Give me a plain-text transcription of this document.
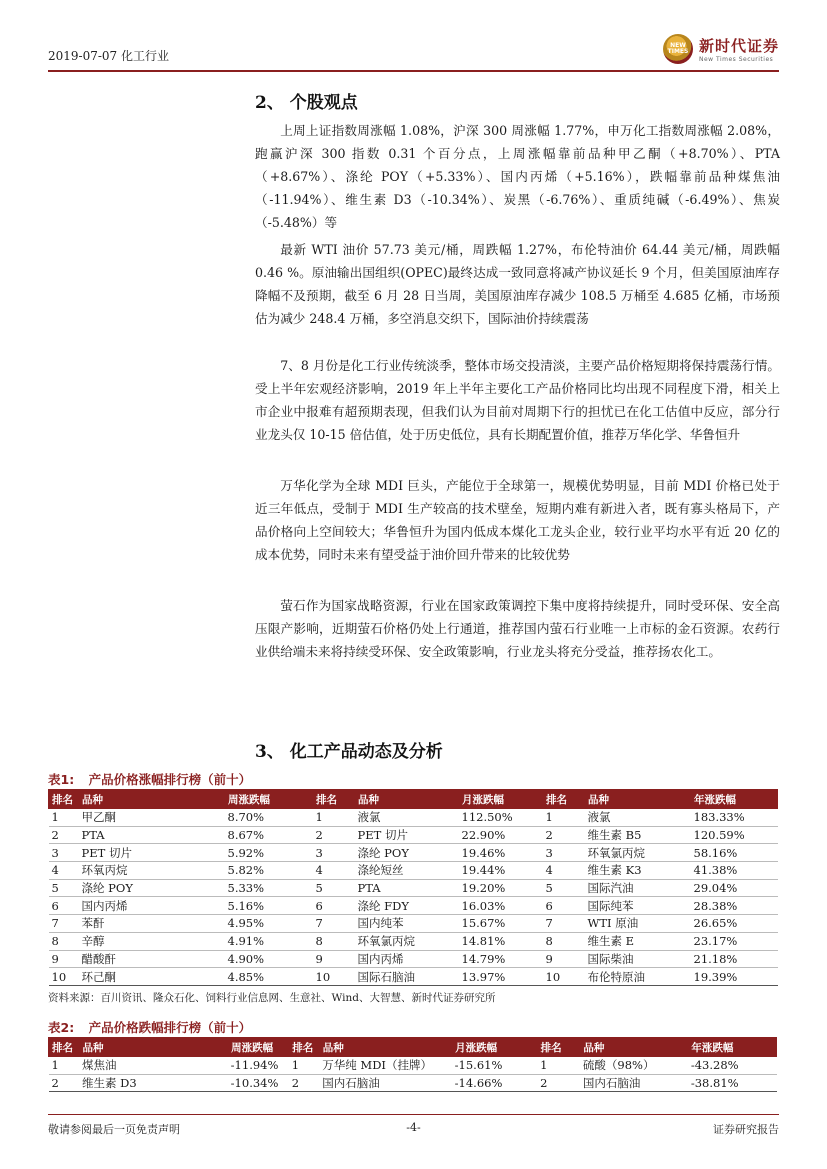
2019-07-07 化工行业
NEW TIMES 新时代证券
New Times Securities
2、 个股观点

上周上证指数周涨幅 1.08%，沪深 300 周涨幅 1.77%，申万化工指数周涨幅 2.08%，跑赢沪深 300 指数 0.31 个百分点，上周涨幅靠前品种甲乙酮（+8.70%）、PTA（+8.67%）、涤纶 POY（+5.33%）、国内丙烯（+5.16%），跌幅靠前品种煤焦油（-11.94%）、维生素 D3（-10.34%）、炭黑（-6.76%）、重质纯碱（-6.49%）、焦炭（-5.48%）等

最新 WTI 油价 57.73 美元/桶，周跌幅 1.27%，布伦特油价 64.44 美元/桶，周跌幅 0.46 %。原油输出国组织(OPEC)最终达成一致同意将减产协议延长 9 个月，但美国原油库存降幅不及预期，截至 6 月 28 日当周，美国原油库存减少 108.5 万桶至 4.685 亿桶，市场预估为减少 248.4 万桶，多空消息交织下，国际油价持续震荡

7、8 月份是化工行业传统淡季，整体市场交投清淡，主要产品价格短期将保持震荡行情。受上半年宏观经济影响，2019 年上半年主要化工产品价格同比均出现不同程度下滑，相关上市企业中报难有超预期表现，但我们认为目前对周期下行的担忧已在化工估值中反应，部分行业龙头仅 10-15 倍估值，处于历史低位，具有长期配置价值，推荐万华化学、华鲁恒升

万华化学为全球 MDI 巨头，产能位于全球第一，规模优势明显，目前 MDI 价格已处于近三年低点，受制于 MDI 生产较高的技术壁垒，短期内难有新进入者，既有寡头格局下，产品价格向上空间较大；华鲁恒升为国内低成本煤化工龙头企业，较行业平均水平有近 20 亿的成本优势，同时未来有望受益于油价回升带来的比较优势

萤石作为国家战略资源，行业在国家政策调控下集中度将持续提升，同时受环保、安全高压限产影响，近期萤石价格仍处上行通道，推荐国内萤石行业唯一上市标的金石资源。农药行业供给端未来将持续受环保、安全政策影响，行业龙头将充分受益，推荐扬农化工。

3、 化工产品动态及分析
表1: 产品价格涨幅排行榜（前十）
排名	品种	周涨跌幅	排名	品种	月涨跌幅	排名	品种	年涨跌幅
1	甲乙酮	8.70%	1	液氯	112.50%	1	液氯	183.33%
2	PTA	8.67%	2	PET 切片	22.90%	2	维生素 B5	120.59%
3	PET 切片	5.92%	3	涤纶 POY	19.46%	3	环氧氯丙烷	58.16%
4	环氧丙烷	5.82%	4	涤纶短丝	19.44%	4	维生素 K3	41.38%
5	涤纶 POY	5.33%	5	PTA	19.20%	5	国际汽油	29.04%
6	国内丙烯	5.16%	6	涤纶 FDY	16.03%	6	国际纯苯	28.38%
7	苯酐	4.95%	7	国内纯苯	15.67%	7	WTI 原油	26.65%
8	辛醇	4.91%	8	环氧氯丙烷	14.81%	8	维生素 E	23.17%
9	醋酸酐	4.90%	9	国内丙烯	14.79%	9	国际柴油	21.18%
10	环己酮	4.85%	10	国际石脑油	13.97%	10	布伦特原油	19.39%
资料来源：百川资讯、隆众石化、饲料行业信息网、生意社、Wind、大智慧、新时代证券研究所
表2: 产品价格跌幅排行榜（前十）
排名	品种	周涨跌幅	排名	品种	月涨跌幅	排名	品种	年涨跌幅
1	煤焦油	-11.94%	1	万华纯 MDI（挂牌）	-15.61%	1	硫酸（98%）	-43.28%
2	维生素 D3	-10.34%	2	国内石脑油	-14.66%	2	国内石脑油	-38.81%
敬请参阅最后一页免责声明	-4-	证券研究报告
